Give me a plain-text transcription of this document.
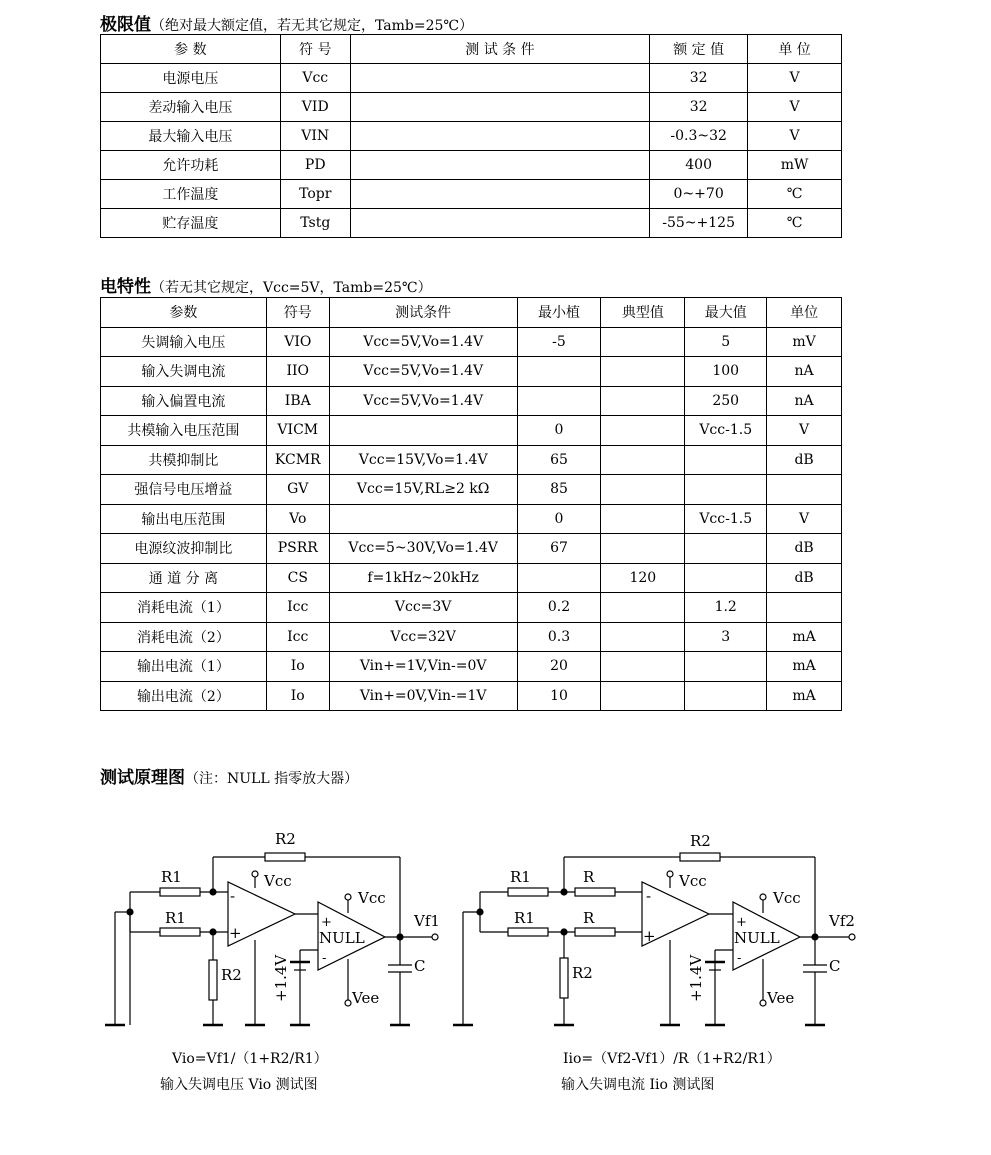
极限值（绝对最大额定值，若无其它规定，Tamb=25℃）
参 数	符 号	测 试 条 件	额 定 值	单 位
电源电压	Vcc		32	V
差动输入电压	VID		32	V
最大输入电压	VIN		-0.3~32	V
允许功耗	PD		400	mW
工作温度	Topr		0~+70	℃
贮存温度	Tstg		-55~+125	℃
电特性（若无其它规定，Vcc=5V，Tamb=25℃）
参数	符号	测试条件	最小植	典型值	最大值	单位
失调输入电压	VIO	Vcc=5V,Vo=1.4V	-5		5	mV
输入失调电流	IIO	Vcc=5V,Vo=1.4V			100	nA
输入偏置电流	IBA	Vcc=5V,Vo=1.4V			250	nA
共模输入电压范围	VICM		0		Vcc-1.5	V
共模抑制比	KCMR	Vcc=15V,Vo=1.4V	65			dB
强信号电压增益	GV	Vcc=15V,RL≥2 kΩ	85			
输出电压范围	Vo		0		Vcc-1.5	V
电源纹波抑制比	PSRR	Vcc=5~30V,Vo=1.4V	67			dB
通 道 分 离	CS	f=1kHz~20kHz		120		dB
消耗电流（1）	Icc	Vcc=3V	0.2		1.2	
消耗电流（2）	Icc	Vcc=32V	0.3		3	mA
输出电流（1）	Io	Vin+=1V,Vin-=0V	20			mA
输出电流（2）	Io	Vin+=0V,Vin-=1V	10			mA
测试原理图（注：NULL 指零放大器）
R2
R1
R1
R2
Vcc
Vcc
Vee
NULL
Vf1
C
-
+
+
-
+1.4V
R2
R1
R1
R
R
R2
Vcc
Vcc
Vee
NULL
Vf2
C
-
+
+
-
+1.4V
Vio=Vf1/（1+R2/R1）
输入失调电压 Vio 测试图
Iio=（Vf2-Vf1）/R（1+R2/R1）
输入失调电流 Iio 测试图
